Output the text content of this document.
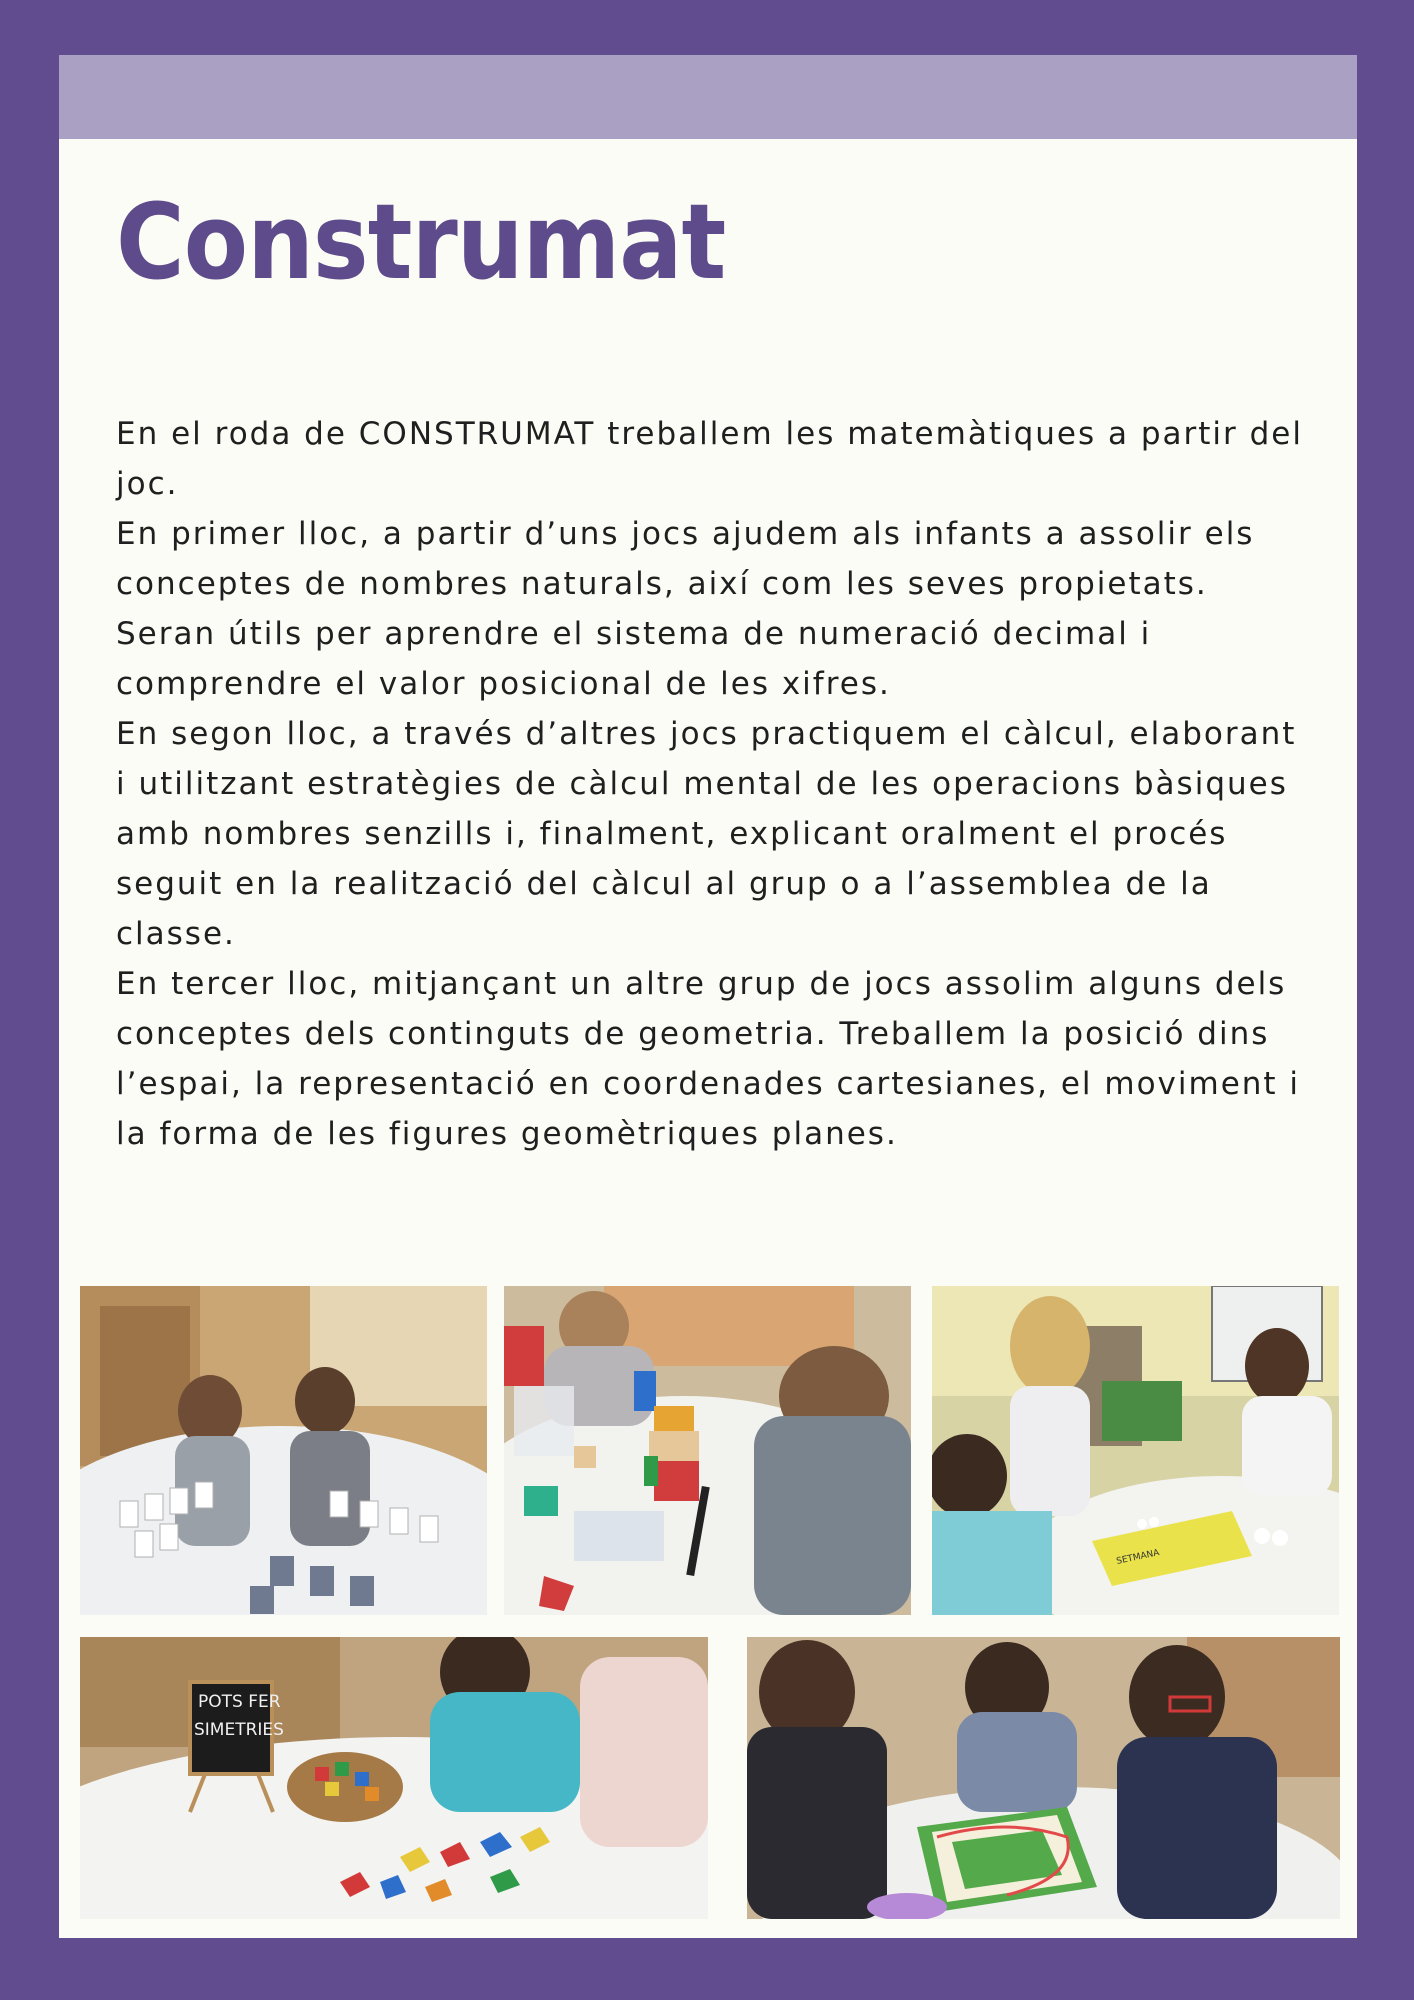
Construmat

En el roda de CONSTRUMAT treballem les matemàtiques a partir del joc.

En primer lloc, a partir d’uns jocs ajudem als infants a assolir els conceptes de nombres naturals, així com les seves propietats. Seran útils per aprendre el sistema de numeració decimal i comprendre el valor posicional de les xifres.

En segon lloc, a través d’altres jocs practiquem el càlcul, elaborant i utilitzant estratègies de càlcul mental de les operacions bàsiques amb nombres senzills i, finalment, explicant oralment el procés seguit en la realització del càlcul al grup o a l’assemblea de la classe.

En tercer lloc, mitjançant un altre grup de jocs assolim alguns dels conceptes dels continguts de geometria. Treballem la posició dins l’espai, la representació en coordenades cartesianes, el moviment i la forma de les figures geomètriques planes.

SETMANA
POTS FER
SIMETRIES
